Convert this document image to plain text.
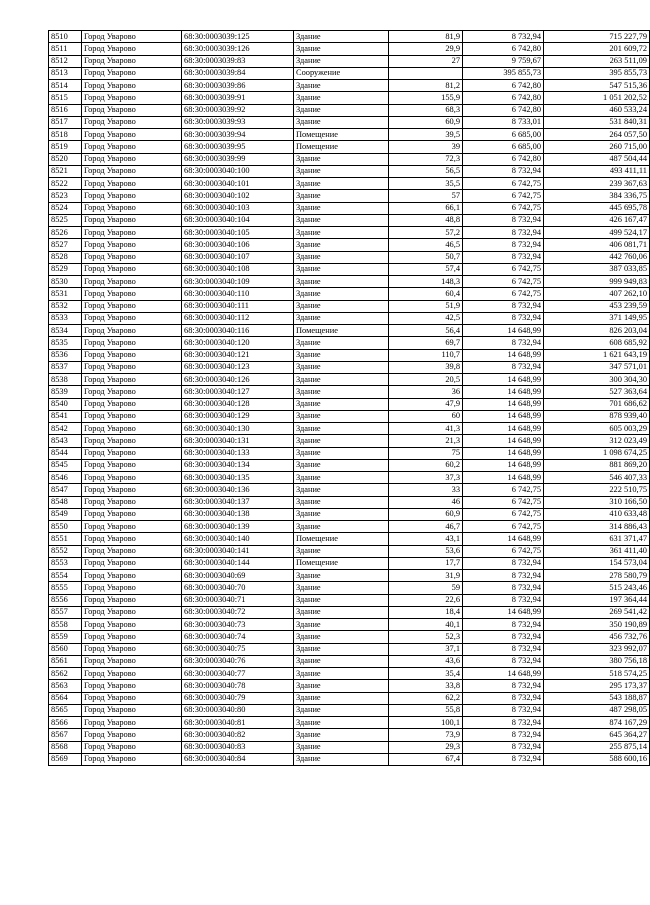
8510	Город Уварово	68:30:0003039:125	Здание	81,9	8 732,94	715 227,79
8511	Город Уварово	68:30:0003039:126	Здание	29,9	6 742,80	201 609,72
8512	Город Уварово	68:30:0003039:83	Здание	27	9 759,67	263 511,09
8513	Город Уварово	68:30:0003039:84	Сооружение		395 855,73	395 855,73
8514	Город Уварово	68:30:0003039:86	Здание	81,2	6 742,80	547 515,36
8515	Город Уварово	68:30:0003039:91	Здание	155,9	6 742,80	1 051 202,52
8516	Город Уварово	68:30:0003039:92	Здание	68,3	6 742,80	460 533,24
8517	Город Уварово	68:30:0003039:93	Здание	60,9	8 733,01	531 840,31
8518	Город Уварово	68:30:0003039:94	Помещение	39,5	6 685,00	264 057,50
8519	Город Уварово	68:30:0003039:95	Помещение	39	6 685,00	260 715,00
8520	Город Уварово	68:30:0003039:99	Здание	72,3	6 742,80	487 504,44
8521	Город Уварово	68:30:0003040:100	Здание	56,5	8 732,94	493 411,11
8522	Город Уварово	68:30:0003040:101	Здание	35,5	6 742,75	239 367,63
8523	Город Уварово	68:30:0003040:102	Здание	57	6 742,75	384 336,75
8524	Город Уварово	68:30:0003040:103	Здание	66,1	6 742,75	445 695,78
8525	Город Уварово	68:30:0003040:104	Здание	48,8	8 732,94	426 167,47
8526	Город Уварово	68:30:0003040:105	Здание	57,2	8 732,94	499 524,17
8527	Город Уварово	68:30:0003040:106	Здание	46,5	8 732,94	406 081,71
8528	Город Уварово	68:30:0003040:107	Здание	50,7	8 732,94	442 760,06
8529	Город Уварово	68:30:0003040:108	Здание	57,4	6 742,75	387 033,85
8530	Город Уварово	68:30:0003040:109	Здание	148,3	6 742,75	999 949,83
8531	Город Уварово	68:30:0003040:110	Здание	60,4	6 742,75	407 262,10
8532	Город Уварово	68:30:0003040:111	Здание	51,9	8 732,94	453 239,59
8533	Город Уварово	68:30:0003040:112	Здание	42,5	8 732,94	371 149,95
8534	Город Уварово	68:30:0003040:116	Помещение	56,4	14 648,99	826 203,04
8535	Город Уварово	68:30:0003040:120	Здание	69,7	8 732,94	608 685,92
8536	Город Уварово	68:30:0003040:121	Здание	110,7	14 648,99	1 621 643,19
8537	Город Уварово	68:30:0003040:123	Здание	39,8	8 732,94	347 571,01
8538	Город Уварово	68:30:0003040:126	Здание	20,5	14 648,99	300 304,30
8539	Город Уварово	68:30:0003040:127	Здание	36	14 648,99	527 363,64
8540	Город Уварово	68:30:0003040:128	Здание	47,9	14 648,99	701 686,62
8541	Город Уварово	68:30:0003040:129	Здание	60	14 648,99	878 939,40
8542	Город Уварово	68:30:0003040:130	Здание	41,3	14 648,99	605 003,29
8543	Город Уварово	68:30:0003040:131	Здание	21,3	14 648,99	312 023,49
8544	Город Уварово	68:30:0003040:133	Здание	75	14 648,99	1 098 674,25
8545	Город Уварово	68:30:0003040:134	Здание	60,2	14 648,99	881 869,20
8546	Город Уварово	68:30:0003040:135	Здание	37,3	14 648,99	546 407,33
8547	Город Уварово	68:30:0003040:136	Здание	33	6 742,75	222 510,75
8548	Город Уварово	68:30:0003040:137	Здание	46	6 742,75	310 166,50
8549	Город Уварово	68:30:0003040:138	Здание	60,9	6 742,75	410 633,48
8550	Город Уварово	68:30:0003040:139	Здание	46,7	6 742,75	314 886,43
8551	Город Уварово	68:30:0003040:140	Помещение	43,1	14 648,99	631 371,47
8552	Город Уварово	68:30:0003040:141	Здание	53,6	6 742,75	361 411,40
8553	Город Уварово	68:30:0003040:144	Помещение	17,7	8 732,94	154 573,04
8554	Город Уварово	68:30:0003040:69	Здание	31,9	8 732,94	278 580,79
8555	Город Уварово	68:30:0003040:70	Здание	59	8 732,94	515 243,46
8556	Город Уварово	68:30:0003040:71	Здание	22,6	8 732,94	197 364,44
8557	Город Уварово	68:30:0003040:72	Здание	18,4	14 648,99	269 541,42
8558	Город Уварово	68:30:0003040:73	Здание	40,1	8 732,94	350 190,89
8559	Город Уварово	68:30:0003040:74	Здание	52,3	8 732,94	456 732,76
8560	Город Уварово	68:30:0003040:75	Здание	37,1	8 732,94	323 992,07
8561	Город Уварово	68:30:0003040:76	Здание	43,6	8 732,94	380 756,18
8562	Город Уварово	68:30:0003040:77	Здание	35,4	14 648,99	518 574,25
8563	Город Уварово	68:30:0003040:78	Здание	33,8	8 732,94	295 173,37
8564	Город Уварово	68:30:0003040:79	Здание	62,2	8 732,94	543 188,87
8565	Город Уварово	68:30:0003040:80	Здание	55,8	8 732,94	487 298,05
8566	Город Уварово	68:30:0003040:81	Здание	100,1	8 732,94	874 167,29
8567	Город Уварово	68:30:0003040:82	Здание	73,9	8 732,94	645 364,27
8568	Город Уварово	68:30:0003040:83	Здание	29,3	8 732,94	255 875,14
8569	Город Уварово	68:30:0003040:84	Здание	67,4	8 732,94	588 600,16
